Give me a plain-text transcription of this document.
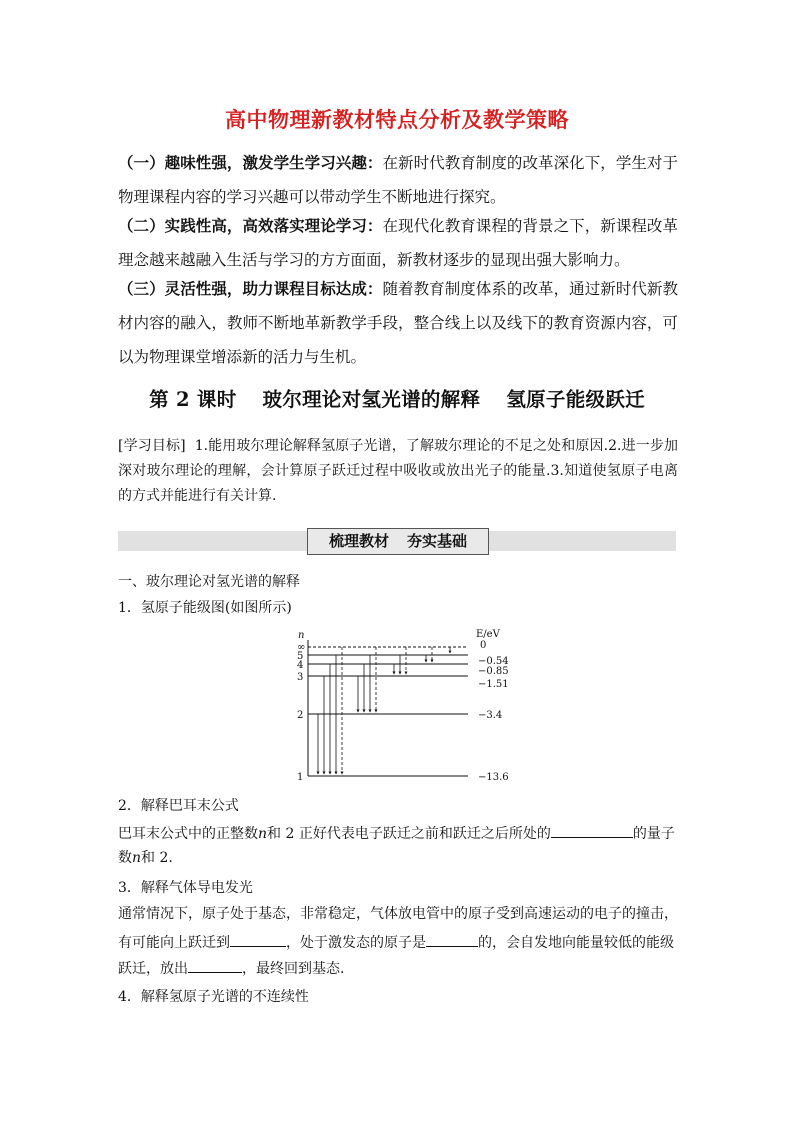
高中物理新教材特点分析及教学策略
（一）趣味性强，激发学生学习兴趣：在新时代教育制度的改革深化下，学生对于物理课程内容的学习兴趣可以带动学生不断地进行探究。
（二）实践性高，高效落实理论学习：在现代化教育课程的背景之下，新课程改革理念越来越融入生活与学习的方方面面，新教材逐步的显现出强大影响力。
（三）灵活性强，助力课程目标达成：随着教育制度体系的改革，通过新时代新教材内容的融入，教师不断地革新教学手段，整合线上以及线下的教育资源内容，可以为物理课堂增添新的活力与生机。
第 2 课时 玻尔理论对氢光谱的解释 氢原子能级跃迁
[学习目标] 1.能用玻尔理论解释氢原子光谱，了解玻尔理论的不足之处和原因.2.进一步加深对玻尔理论的理解，会计算原子跃迁过程中吸收或放出光子的能量.3.知道使氢原子电离的方式并能进行有关计算.
梳理教材 夯实基础
一、玻尔理论对氢光谱的解释
1．氢原子能级图(如图所示)
n	E/eV
∞
5
4
3
2
1
0
−0.54
−0.85
−1.51
−3.4
−13.6
2．解释巴耳末公式
巴耳末公式中的正整数n和 2 正好代表电子跃迁之前和跃迁之后所处的	的量子
数n和 2.
3．解释气体导电发光
通常情况下，原子处于基态，非常稳定，气体放电管中的原子受到高速运动的电子的撞击，
有可能向上跃迁到	，处于激发态的原子是	的，会自发地向能量较低的能级
跃迁，放出	，最终回到基态.
4．解释氢原子光谱的不连续性
